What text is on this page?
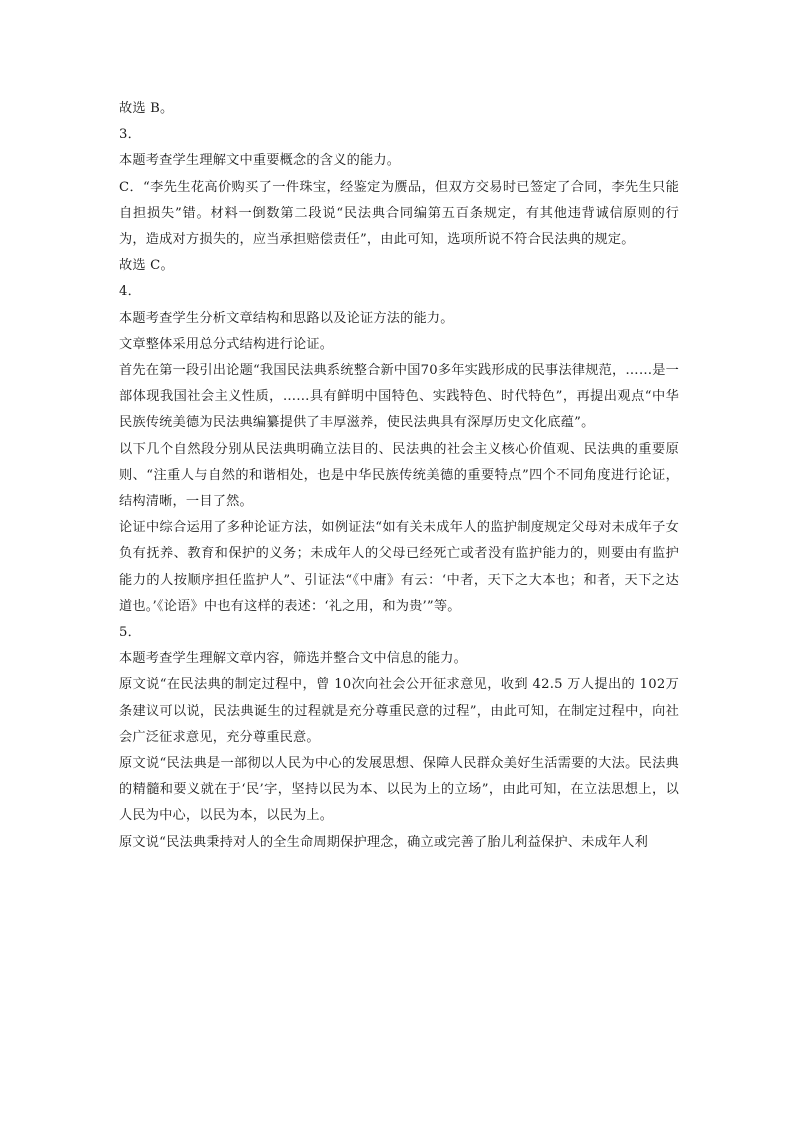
故选 B。

3．

本题考查学生理解文中重要概念的含义的能力。

C．“李先生花高价购买了一件珠宝，经鉴定为赝品，但双方交易时已签定了合同，李先生只能自担损失”错。材料一倒数第二段说“民法典合同编第五百条规定，有其他违背诚信原则的行为，造成对方损失的，应当承担赔偿责任”，由此可知，选项所说不符合民法典的规定。

故选 C。

4．

本题考查学生分析文章结构和思路以及论证方法的能力。

文章整体采用总分式结构进行论证。

首先在第一段引出论题“我国民法典系统整合新中国70多年实践形成的民事法律规范，……是一部体现我国社会主义性质，……具有鲜明中国特色、实践特色、时代特色”，再提出观点“中华民族传统美德为民法典编纂提供了丰厚滋养，使民法典具有深厚历史文化底蕴”。

以下几个自然段分别从民法典明确立法目的、民法典的社会主义核心价值观、民法典的重要原则、“注重人与自然的和谐相处，也是中华民族传统美德的重要特点”四个不同角度进行论证，结构清晰，一目了然。

论证中综合运用了多种论证方法，如例证法“如有关未成年人的监护制度规定父母对未成年子女负有抚养、教育和保护的义务；未成年人的父母已经死亡或者没有监护能力的，则要由有监护能力的人按顺序担任监护人”、引证法“《中庸》有云：‘中者，天下之大本也；和者，天下之达道也。’《论语》中也有这样的表述：‘礼之用，和为贵’”等。

5．

本题考查学生理解文章内容，筛选并整合文中信息的能力。

原文说“在民法典的制定过程中，曾 10次向社会公开征求意见，收到 42.5 万人提出的 102万条建议可以说，民法典诞生的过程就是充分尊重民意的过程”，由此可知，在制定过程中，向社会广泛征求意见，充分尊重民意。

原文说“民法典是一部彻以人民为中心的发展思想、保障人民群众美好生活需要的大法。民法典的精髓和要义就在于‘民’字，坚持以民为本、以民为上的立场”，由此可知，在立法思想上，以人民为中心，以民为本，以民为上。

原文说“民法典秉持对人的全生命周期保护理念，确立或完善了胎儿利益保护、未成年人利
